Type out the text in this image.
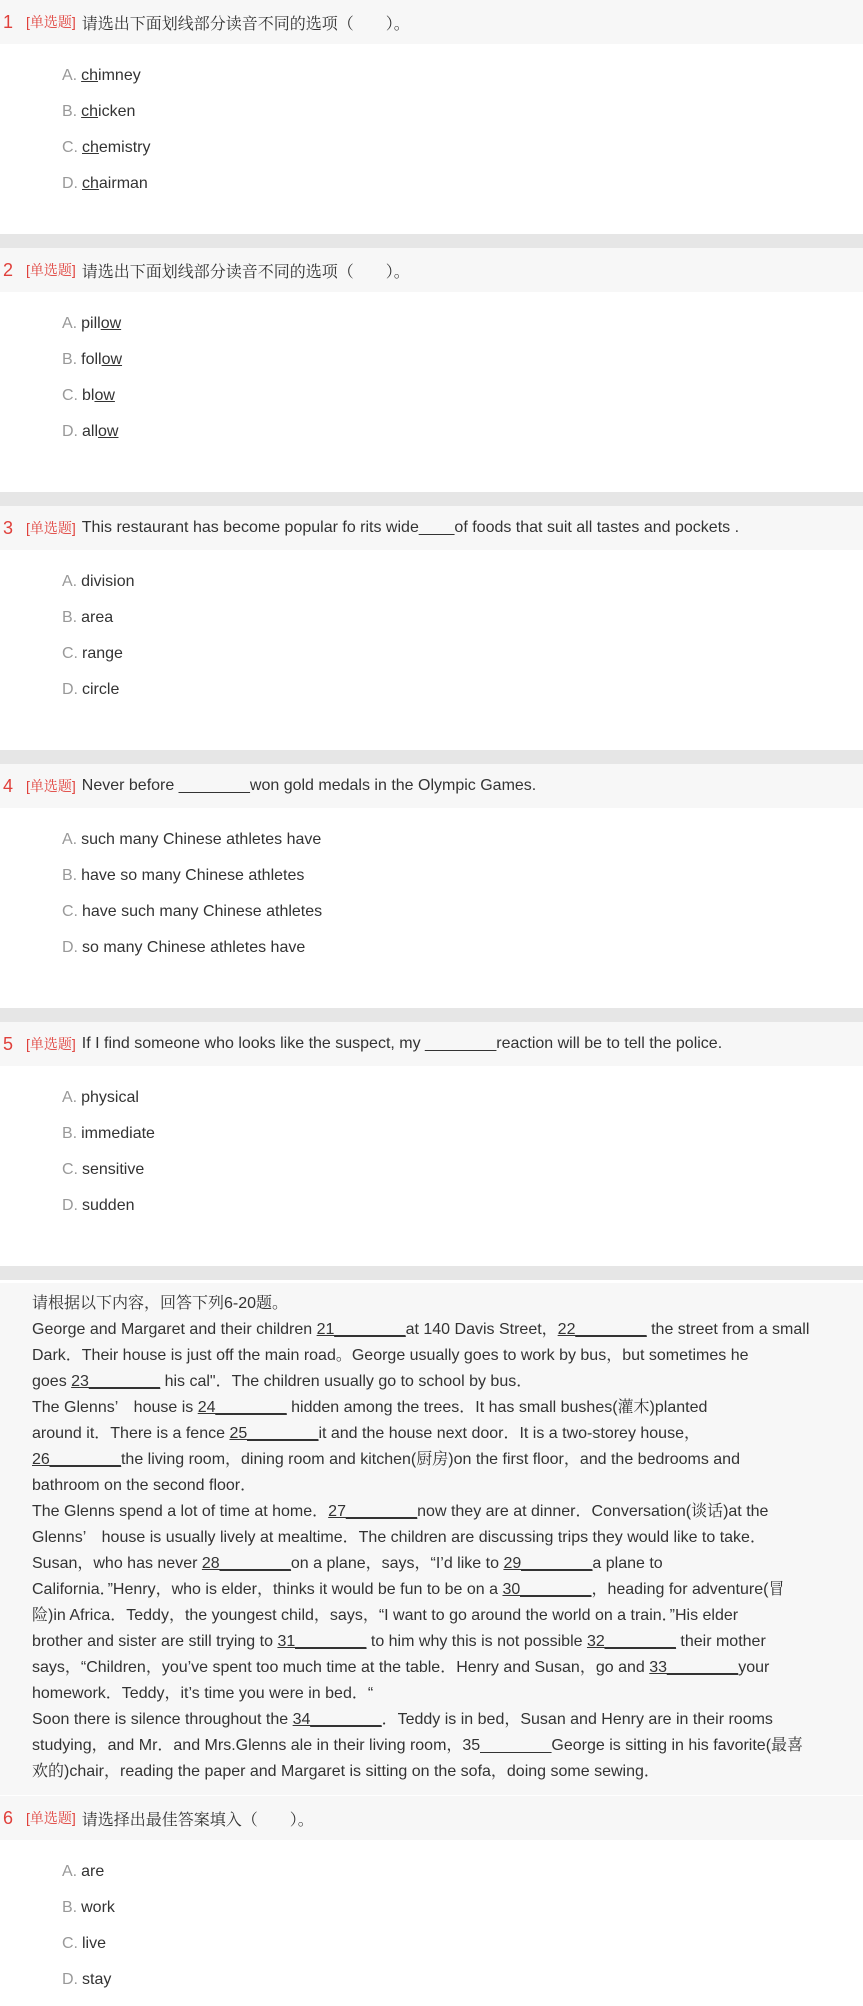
1 [单选题] 请选出下面划线部分读音不同的选项（　　）。
A. chimney
B. chicken
C. chemistry
D. chairman
2 [单选题] 请选出下面划线部分读音不同的选项（　　）。
A. pillow
B. follow
C. blow
D. allow
3 [单选题] This restaurant has become popular fo rits wide____of foods that suit all tastes and pockets .
A. division
B. area
C. range
D. circle
4 [单选题] Never before ________won gold medals in the Olympic Games.
A. such many Chinese athletes have
B. have so many Chinese athletes
C. have such many Chinese athletes
D. so many Chinese athletes have
5 [单选题] If I find someone who looks like the suspect, my ________reaction will be to tell the police.
A. physical
B. immediate
C. sensitive
D. sudden

请根据以下内容，回答下列6-20题。

George and Margaret and their children 21________at 140 Davis Street，22________ the street from a small

Dark．Their house is just off the main road。George usually goes to work by bus，but sometimes he

goes 23________ his cal"．The children usually go to school by bus．

The Glenns’　house is 24________ hidden among the trees．It has small bushes(灌木)planted

around it．There is a fence 25________it and the house next door．It is a two-storey house，

26________the living room，dining room and kitchen(厨房)on the first floor，and the bedrooms and

bathroom on the second floor．

The Glenns spend a lot of time at home．27________now they are at dinner．Conversation(谈话)at the

Glenns’　house is usually lively at mealtime．The children are discussing trips they would like to take．

Susan，who has never 28________on a plane，says，“I’d like to 29________a plane to

California．”Henry，who is elder，thinks it would be fun to be on a 30________，heading for adventure(冒

险)in Africa．Teddy，the youngest child，says，“I want to go around the world on a train．”His elder

brother and sister are still trying to 31________ to him why this is not possible 32________ their mother

says，“Children，you’ve spent too much time at the table．Henry and Susan，go and 33________your

homework．Teddy，it’s time you were in bed．“

Soon there is silence throughout the 34________．Teddy is in bed，Susan and Henry are in their rooms

studying，and Mr．and Mrs.Glenns ale in their living room，35________George is sitting in his favorite(最喜

欢的)chair，reading the paper and Margaret is sitting on the sofa，doing some sewing．

6 [单选题] 请选择出最佳答案填入（　　）。
A. are
B. work
C. live
D. stay
